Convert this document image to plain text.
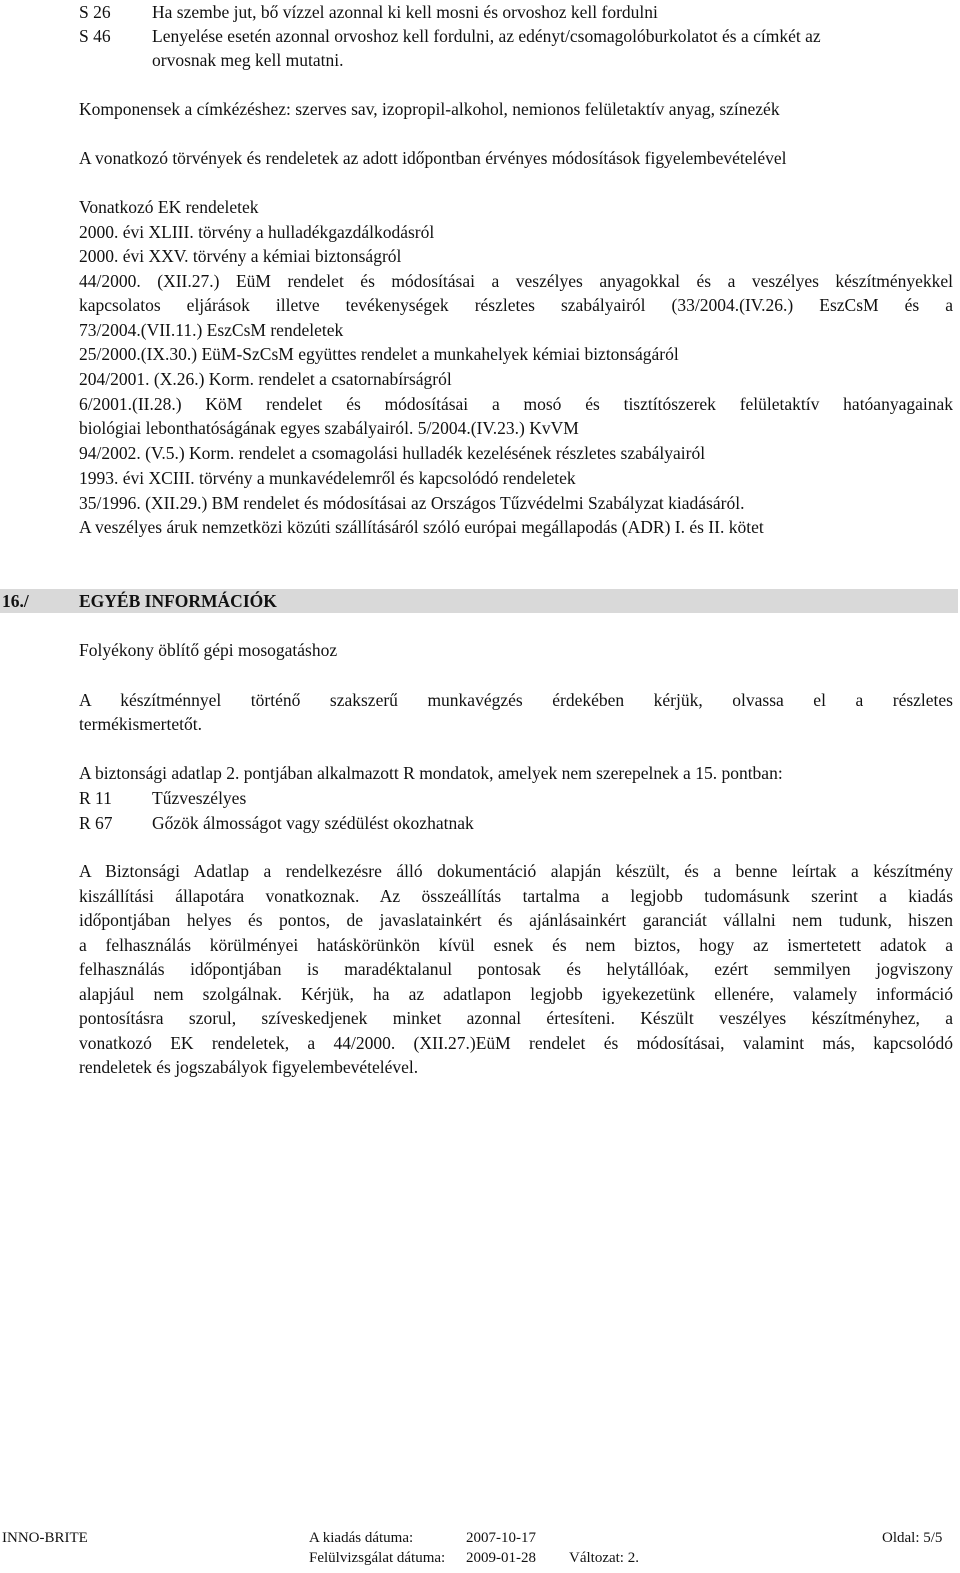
S 26 Ha szembe jut, bő vízzel azonnal ki kell mosni és orvoshoz kell fordulni
S 46 Lenyelése esetén azonnal orvoshoz kell fordulni, az edényt/csomagolóburkolatot és a címkét az
orvosnak meg kell mutatni.
Komponensek a címkézéshez: szerves sav, izopropil-alkohol, nemionos felületaktív anyag, színezék
A vonatkozó törvények és rendeletek az adott időpontban érvényes módosítások figyelembevételével
Vonatkozó EK rendeletek
2000. évi XLIII. törvény a hulladékgazdálkodásról
2000. évi XXV. törvény a kémiai biztonságról
44/2000. (XII.27.) EüM rendelet és módosításai a veszélyes anyagokkal és a veszélyes készítményekkel
kapcsolatos eljárások illetve tevékenységek részletes szabályairól (33/2004.(IV.26.) EszCsM és a
73/2004.(VII.11.) EszCsM rendeletek
25/2000.(IX.30.) EüM-SzCsM együttes rendelet a munkahelyek kémiai biztonságáról
204/2001. (X.26.) Korm. rendelet a csatornabírságról
6/2001.(II.28.) KöM rendelet és módosításai a mosó és tisztítószerek felületaktív hatóanyagainak
biológiai lebonthatóságának egyes szabályairól. 5/2004.(IV.23.) KvVM
94/2002. (V.5.) Korm. rendelet a csomagolási hulladék kezelésének részletes szabályairól
1993. évi XCIII. törvény a munkavédelemről és kapcsolódó rendeletek
35/1996. (XII.29.) BM rendelet és módosításai az Országos Tűzvédelmi Szabályzat kiadásáról.
A veszélyes áruk nemzetközi közúti szállításáról szóló európai megállapodás (ADR) I. és II. kötet
16./	EGYÉB INFORMÁCIÓK
Folyékony öblítő gépi mosogatáshoz
A készítménnyel történő szakszerű munkavégzés érdekében kérjük, olvassa el a részletes
termékismertetőt.
A biztonsági adatlap 2. pontjában alkalmazott R mondatok, amelyek nem szerepelnek a 15. pontban:
R 11 Tűzveszélyes
R 67 Gőzök álmosságot vagy szédülést okozhatnak
A Biztonsági Adatlap a rendelkezésre álló dokumentáció alapján készült, és a benne leírtak a készítmény
kiszállítási állapotára vonatkoznak. Az összeállítás tartalma a legjobb tudomásunk szerint a kiadás
időpontjában helyes és pontos, de javaslatainkért és ajánlásainkért garanciát vállalni nem tudunk, hiszen
a felhasználás körülményei hatáskörünkön kívül esnek és nem biztos, hogy az ismertetett adatok a
felhasználás időpontjában is maradéktalanul pontosak és helytállóak, ezért semmilyen jogviszony
alapjául nem szolgálnak. Kérjük, ha az adatlapon legjobb igyekezetünk ellenére, valamely információ
pontosításra szorul, szíveskedjenek minket azonnal értesíteni. Készült veszélyes készítményhez, a
vonatkozó EK rendeletek, a 44/2000. (XII.27.)EüM rendelet és módosításai, valamint más, kapcsolódó
rendeletek és jogszabályok figyelembevételével.
INNO-BRITE	A kiadás dátuma:	2007-10-17	Oldal: 5/5
Felülvizsgálat dátuma: 2009-01-28 Változat: 2.
